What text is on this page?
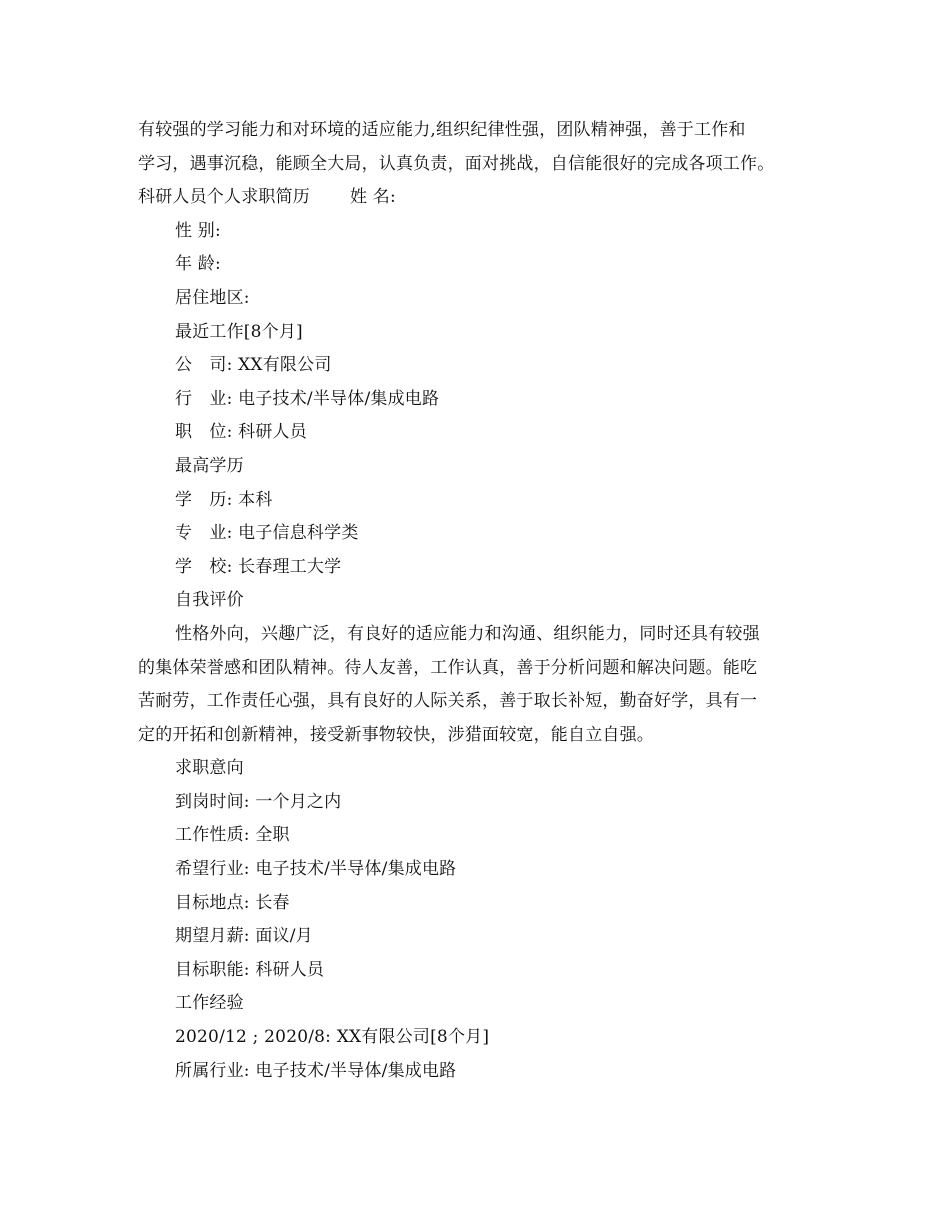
有较强的学习能力和对环境的适应能力,组织纪律性强，团队精神强，善于工作和
学习，遇事沉稳，能顾全大局，认真负责，面对挑战，自信能很好的完成各项工作。
科研人员个人求职简历 姓 名:
性 别:
年 龄:
居住地区:
最近工作[8个月]
公　司: XX有限公司
行　业: 电子技术/半导体/集成电路
职　位: 科研人员
最高学历
学　历: 本科
专　业: 电子信息科学类
学　校: 长春理工大学
自我评价
性格外向，兴趣广泛，有良好的适应能力和沟通、组织能力，同时还具有较强
的集体荣誉感和团队精神。待人友善，工作认真，善于分析问题和解决问题。能吃
苦耐劳，工作责任心强，具有良好的人际关系，善于取长补短，勤奋好学，具有一
定的开拓和创新精神，接受新事物较快，涉猎面较宽，能自立自强。
求职意向
到岗时间: 一个月之内
工作性质: 全职
希望行业: 电子技术/半导体/集成电路
目标地点: 长春
期望月薪: 面议/月
目标职能: 科研人员
工作经验
2020/12 ; 2020/8: XX有限公司[8个月]
所属行业: 电子技术/半导体/集成电路
